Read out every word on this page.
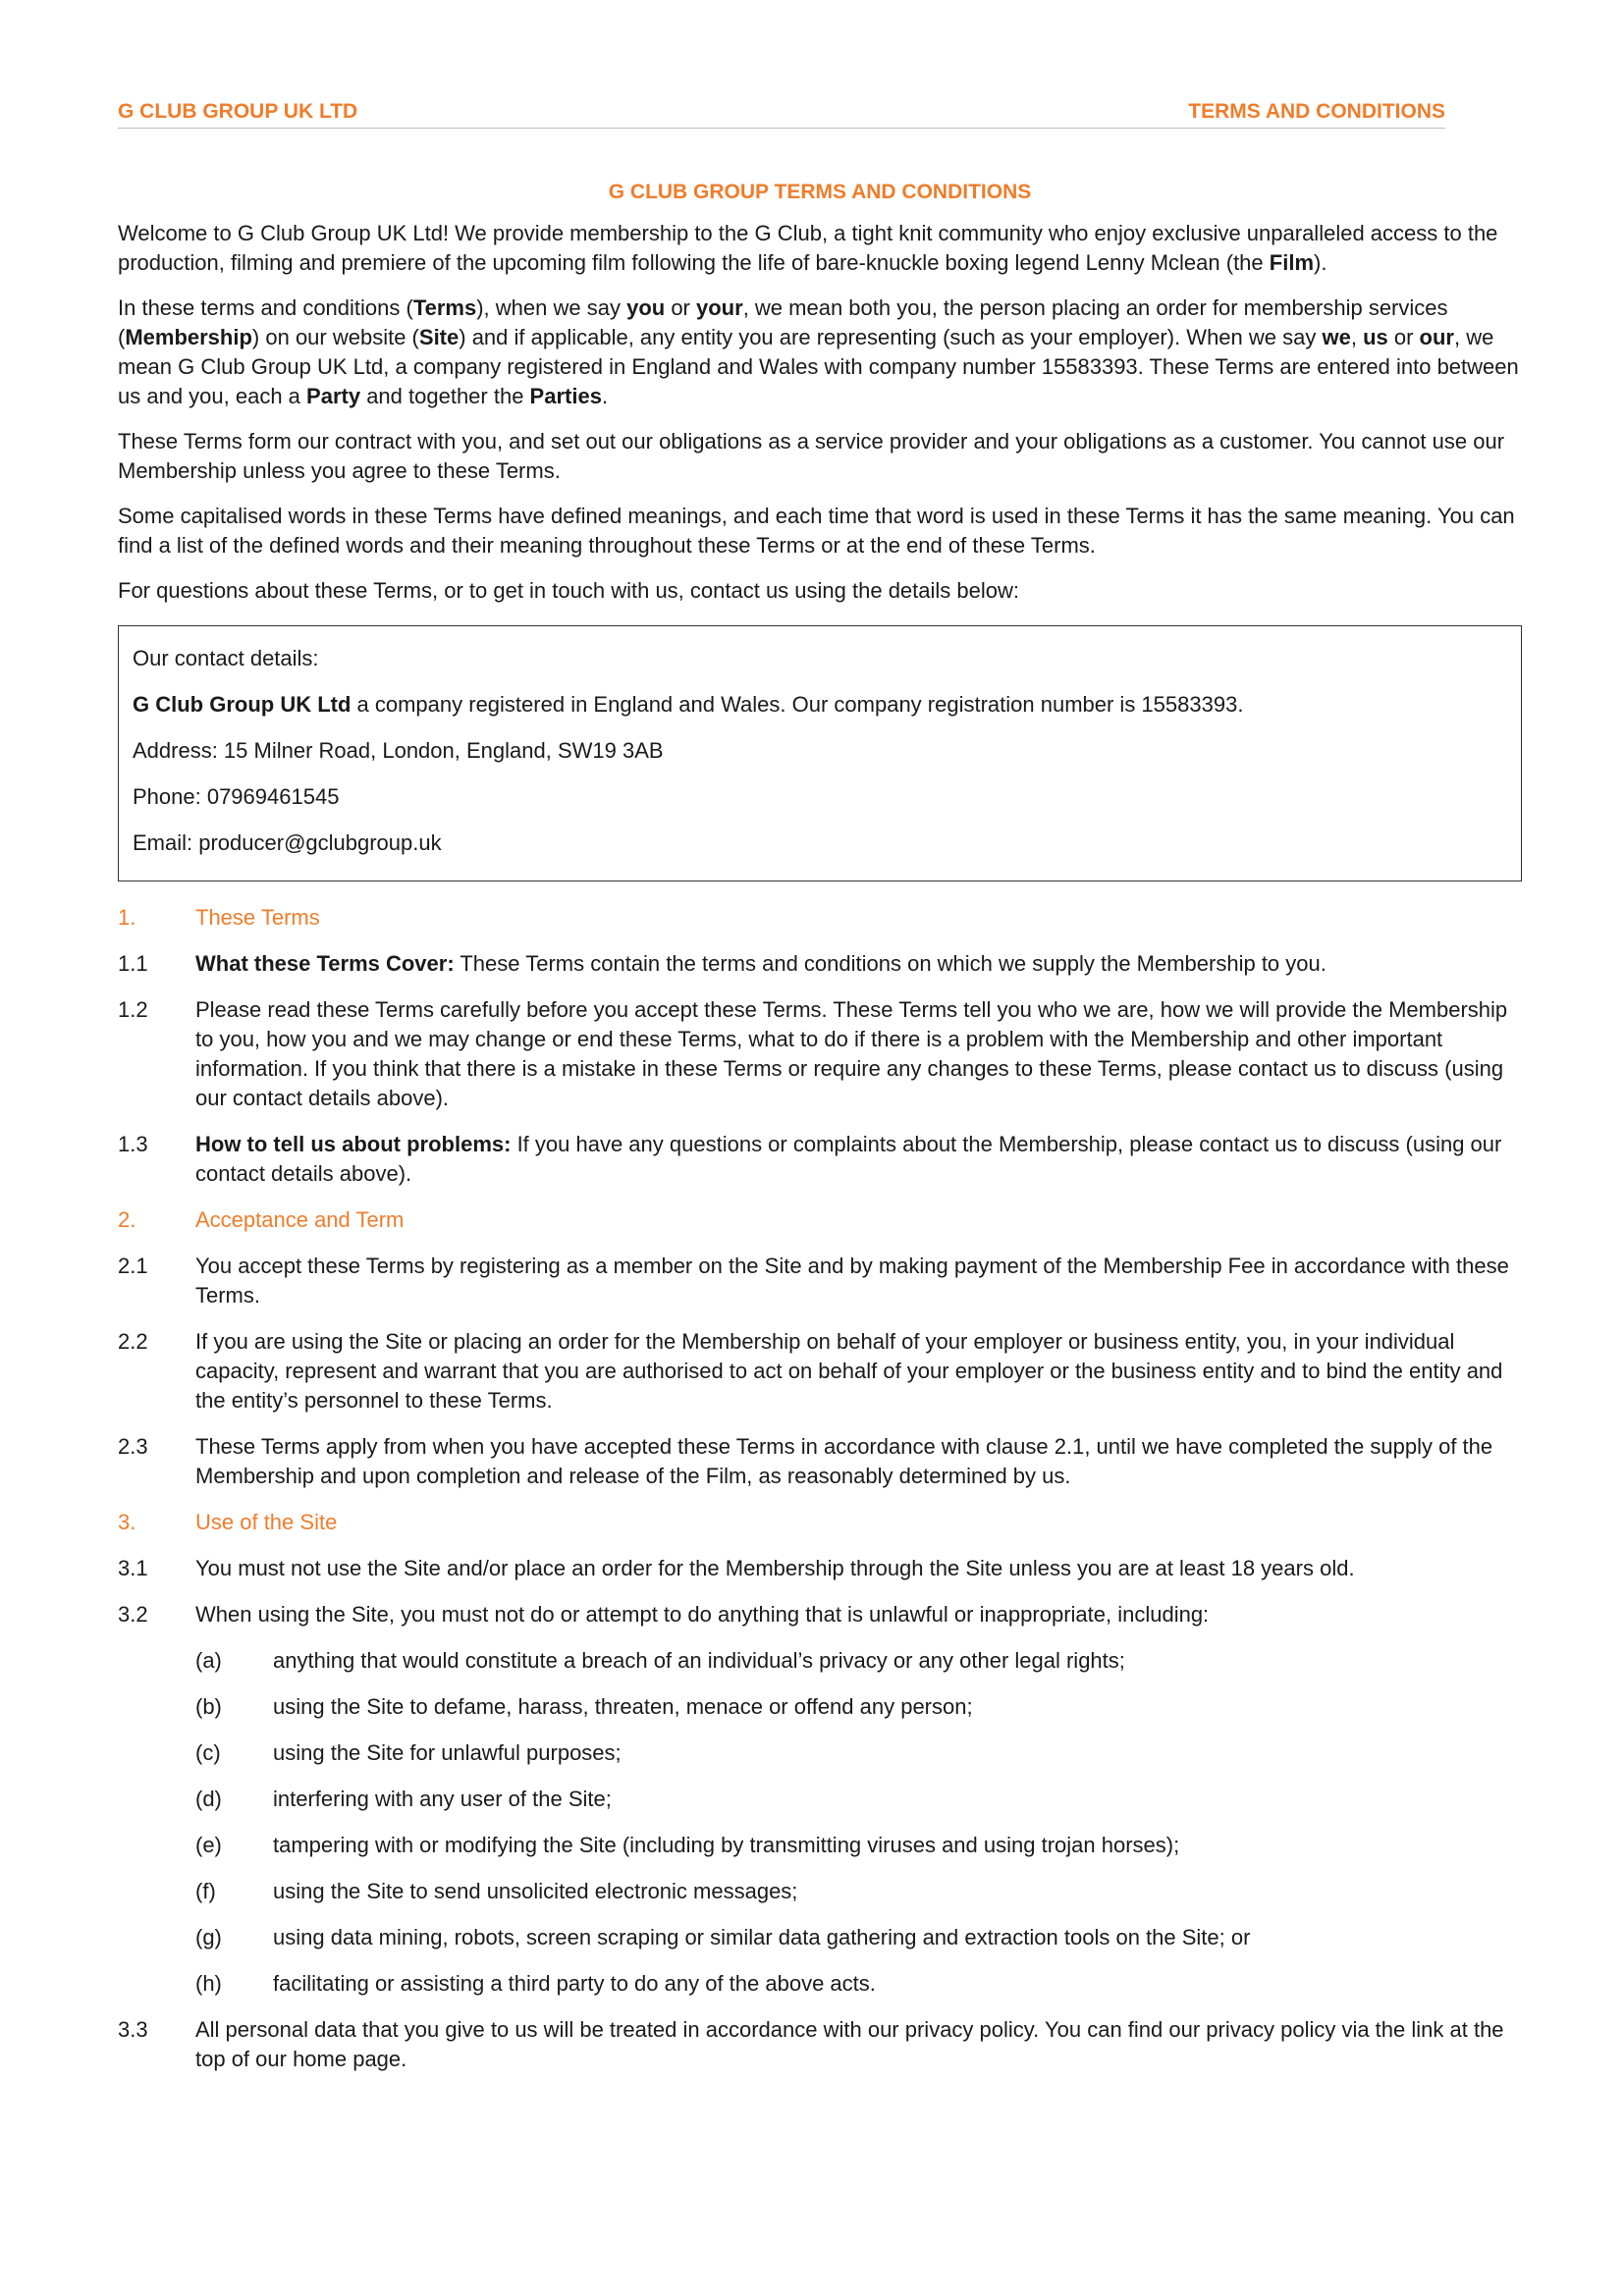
G CLUB GROUP UK LTD	TERMS AND CONDITIONS
G CLUB GROUP TERMS AND CONDITIONS

Welcome to G Club Group UK Ltd! We provide membership to the G Club, a tight knit community who enjoy exclusive unparalleled access to the production, filming and premiere of the upcoming film following the life of bare-knuckle boxing legend Lenny Mclean (the Film).

In these terms and conditions (Terms), when we say you or your, we mean both you, the person placing an order for membership services (Membership) on our website (Site) and if applicable, any entity you are representing (such as your employer). When we say we, us or our, we mean G Club Group UK Ltd, a company registered in England and Wales with company number 15583393. These Terms are entered into between us and you, each a Party and together the Parties.

These Terms form our contract with you, and set out our obligations as a service provider and your obligations as a customer. You cannot use our Membership unless you agree to these Terms.

Some capitalised words in these Terms have defined meanings, and each time that word is used in these Terms it has the same meaning. You can find a list of the defined words and their meaning throughout these Terms or at the end of these Terms.

For questions about these Terms, or to get in touch with us, contact us using the details below:

Our contact details:

G Club Group UK Ltd a company registered in England and Wales. Our company registration number is 15583393.

Address: 15 Milner Road, London, England, SW19 3AB

Phone: 07969461545

Email: producer@gclubgroup.uk

1.	These Terms
1.1	What these Terms Cover: These Terms contain the terms and conditions on which we supply the Membership to you.
1.2	Please read these Terms carefully before you accept these Terms. These Terms tell you who we are, how we will provide the Membership to you, how you and we may change or end these Terms, what to do if there is a problem with the Membership and other important information. If you think that there is a mistake in these Terms or require any changes to these Terms, please contact us to discuss (using our contact details above).
1.3	How to tell us about problems: If you have any questions or complaints about the Membership, please contact us to discuss (using our contact details above).
2.	Acceptance and Term
2.1	You accept these Terms by registering as a member on the Site and by making payment of the Membership Fee in accordance with these Terms.
2.2	If you are using the Site or placing an order for the Membership on behalf of your employer or business entity, you, in your individual capacity, represent and warrant that you are authorised to act on behalf of your employer or the business entity and to bind the entity and the entity’s personnel to these Terms.
2.3	These Terms apply from when you have accepted these Terms in accordance with clause 2.1, until we have completed the supply of the Membership and upon completion and release of the Film, as reasonably determined by us.
3.	Use of the Site
3.1	You must not use the Site and/or place an order for the Membership through the Site unless you are at least 18 years old.
3.2	When using the Site, you must not do or attempt to do anything that is unlawful or inappropriate, including:
(a)	anything that would constitute a breach of an individual’s privacy or any other legal rights;
(b)	using the Site to defame, harass, threaten, menace or offend any person;
(c)	using the Site for unlawful purposes;
(d)	interfering with any user of the Site;
(e)	tampering with or modifying the Site (including by transmitting viruses and using trojan horses);
(f)	using the Site to send unsolicited electronic messages;
(g)	using data mining, robots, screen scraping or similar data gathering and extraction tools on the Site; or
(h)	facilitating or assisting a third party to do any of the above acts.
3.3	All personal data that you give to us will be treated in accordance with our privacy policy. You can find our privacy policy via the link at the top of our home page.
